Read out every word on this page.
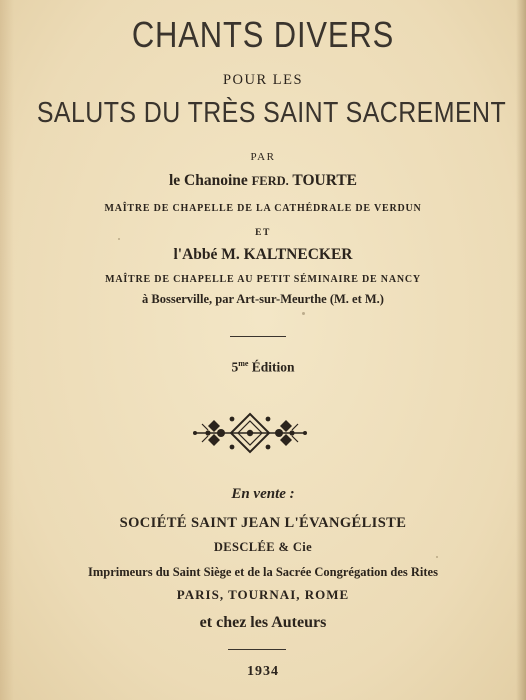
CHANTS DIVERS
POUR LES
SALUTS DU TRÈS SAINT SACREMENT
PAR
le Chanoine FERD. TOURTE
MAÎTRE DE CHAPELLE DE LA CATHÉDRALE DE VERDUN
ET
l'Abbé M. KALTNECKER
MAÎTRE DE CHAPELLE AU PETIT SÉMINAIRE DE NANCY
à Bosserville, par Art-sur-Meurthe (M. et M.)
$5^{me}$ Édition
En vente :
SOCIÉTÉ SAINT JEAN L'ÉVANGÉLISTE
DESCLÉE & Cie
Imprimeurs du Saint Siège et de la Sacrée Congrégation des Rites
PARIS, TOURNAI, ROME
et chez les Auteurs
1934
